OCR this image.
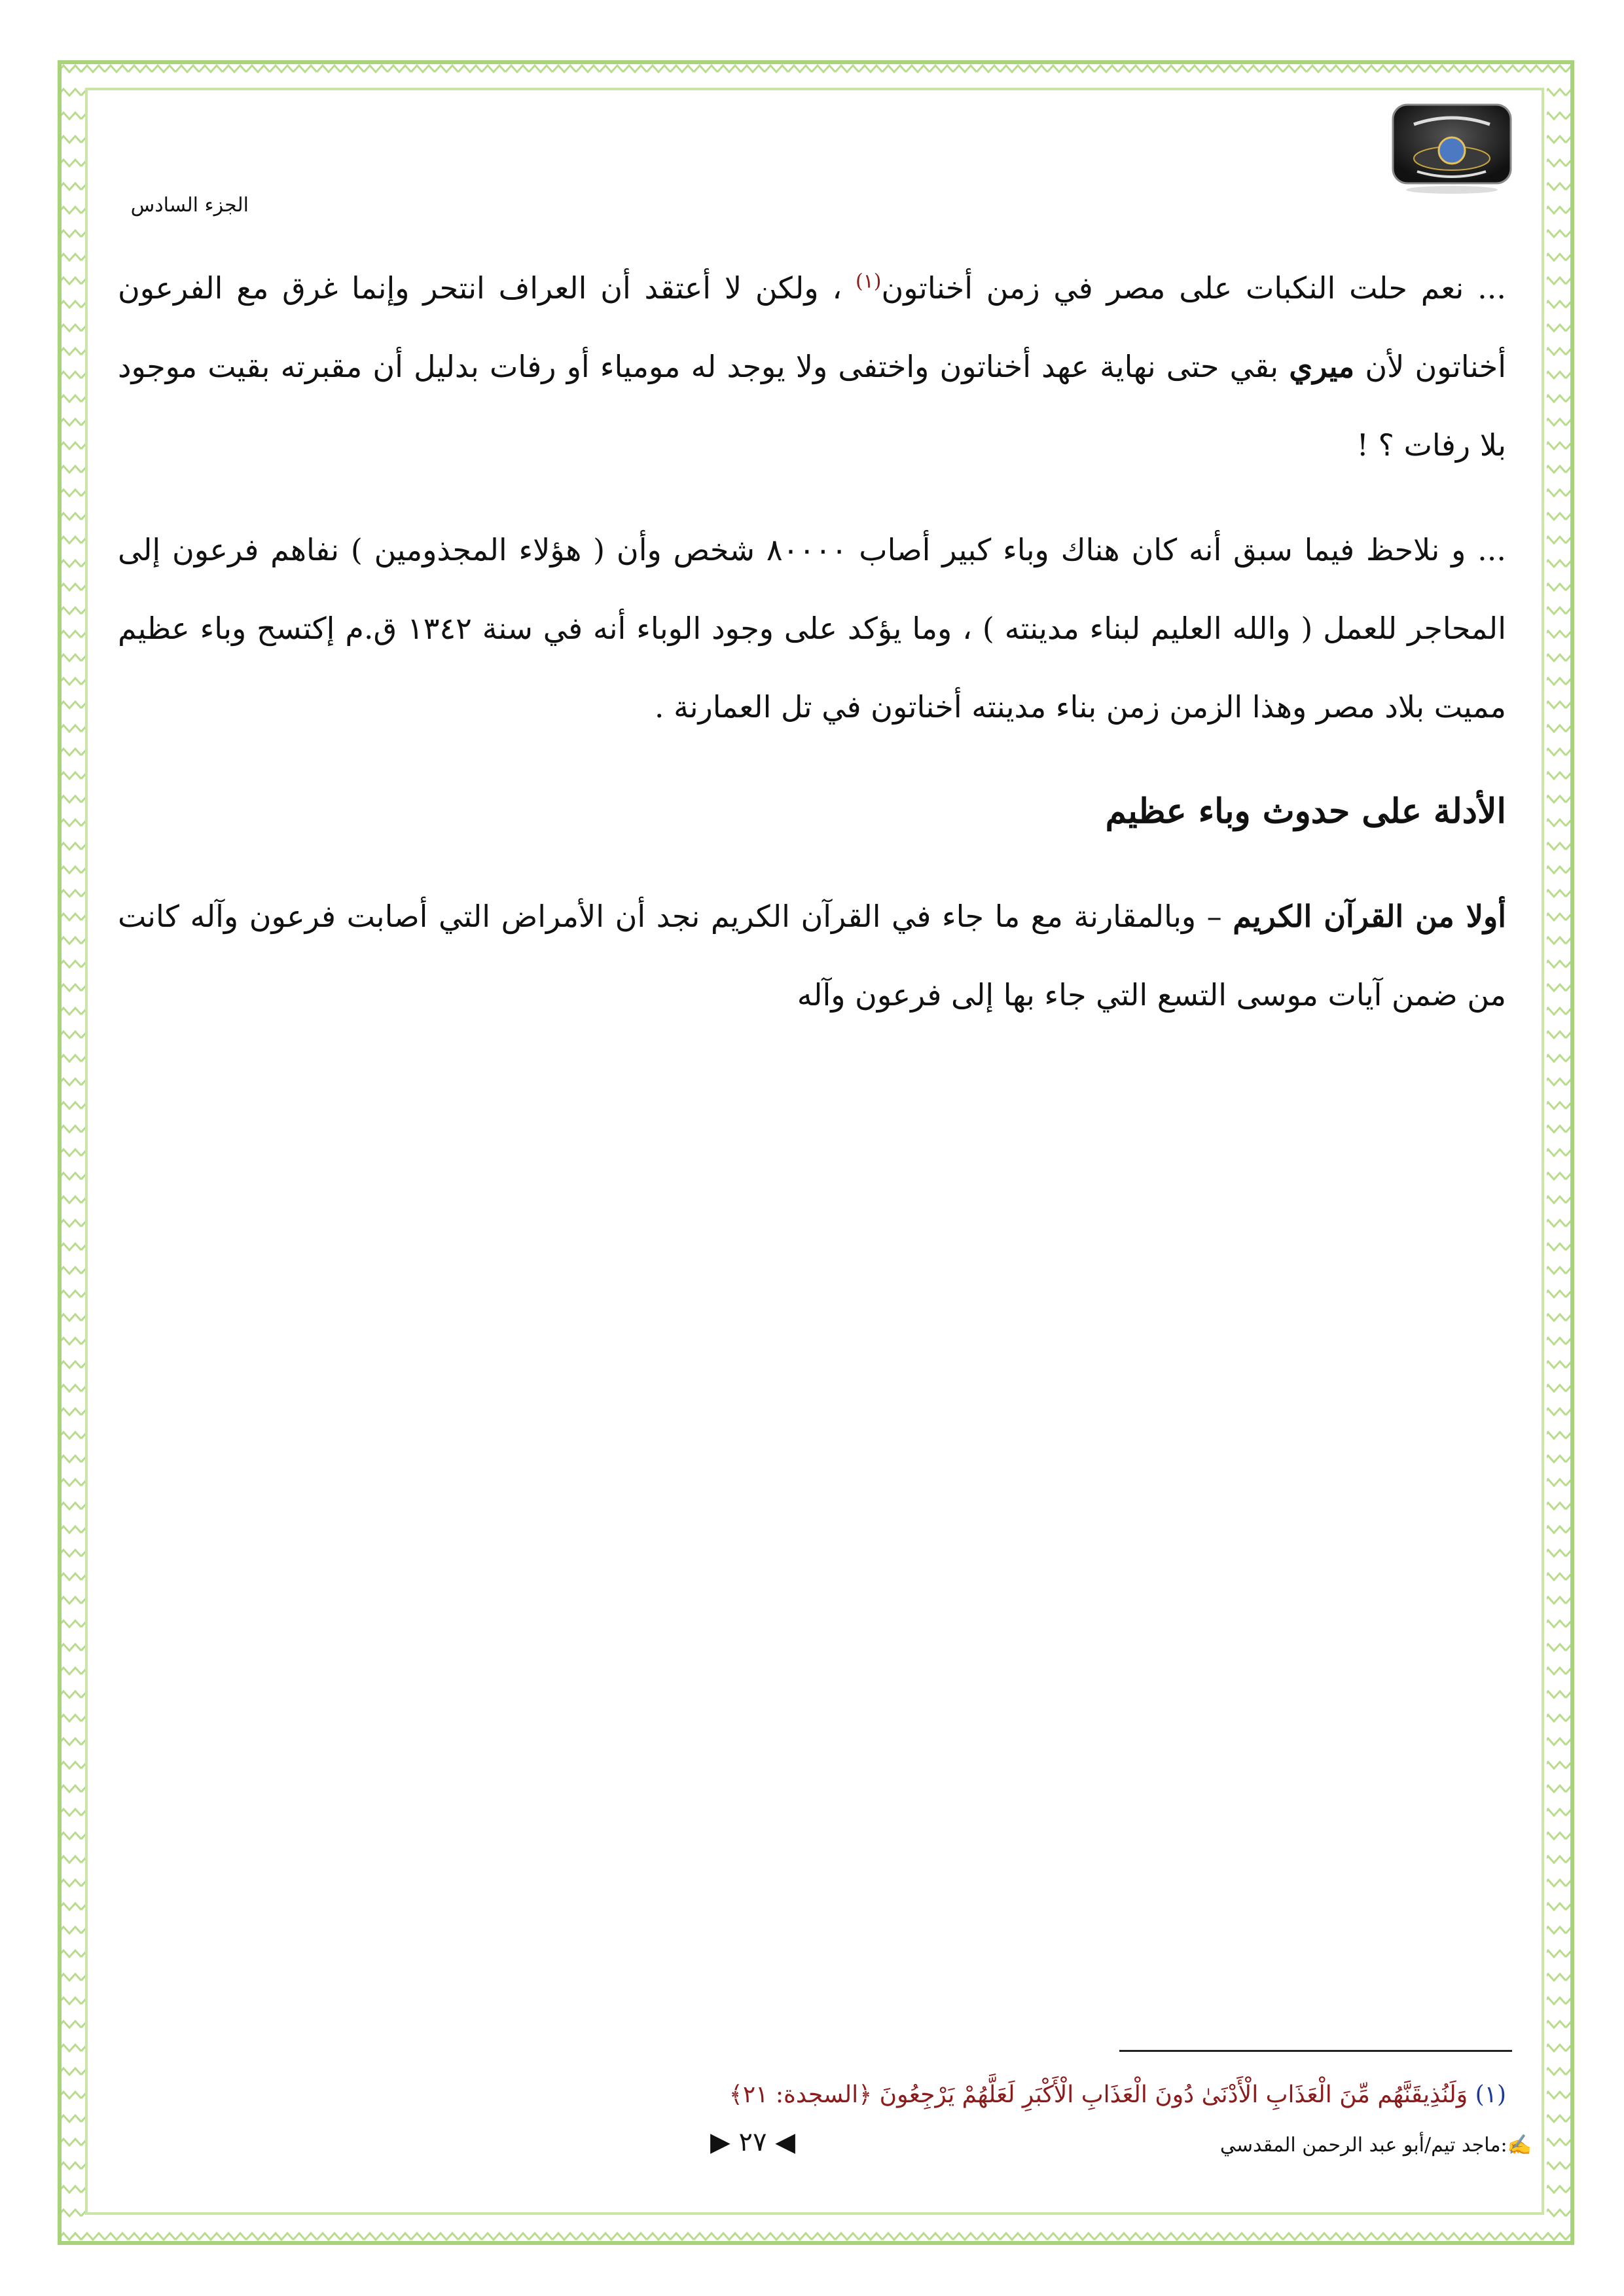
الجزء السادس

... نعم حلت النكبات على مصر في زمن أخناتون$^{(١)}$ ، ولكن لا أعتقد أن العراف انتحر وإنما غرق مع الفرعون أخناتون لأن ميري بقي حتى نهاية عهد أخناتون واختفى ولا يوجد له مومياء أو رفات بدليل أن مقبرته بقيت موجود بلا رفات ؟ !

... و نلاحظ فيما سبق أنه كان هناك وباء كبير أصاب ٨٠٠٠٠ شخص وأن ( هؤلاء المجذومين ) نفاهم فرعون إلى المحاجر للعمل ( والله العليم لبناء مدينته ) ، وما يؤكد على وجود الوباء أنه في سنة ١٣٤٢ ق.م إكتسح وباء عظيم مميت بلاد مصر وهذا الزمن زمن بناء مدينته أخناتون في تل العمارنة .

الأدلة على حدوث وباء عظيم

أولا من القرآن الكريم – وبالمقارنة مع ما جاء في القرآن الكريم نجد أن الأمراض التي أصابت فرعون وآله كانت من ضمن آيات موسى التسع التي جاء بها إلى فرعون وآله

(١) وَلَنُذِيقَنَّهُم مِّنَ الْعَذَابِ الْأَدْنَىٰ دُونَ الْعَذَابِ الْأَكْبَرِ لَعَلَّهُمْ يَرْجِعُونَ ﴿السجدة: ٢١﴾
◀ ٢٧ ▶	✍:ماجد تيم/أبو عبد الرحمن المقدسي
